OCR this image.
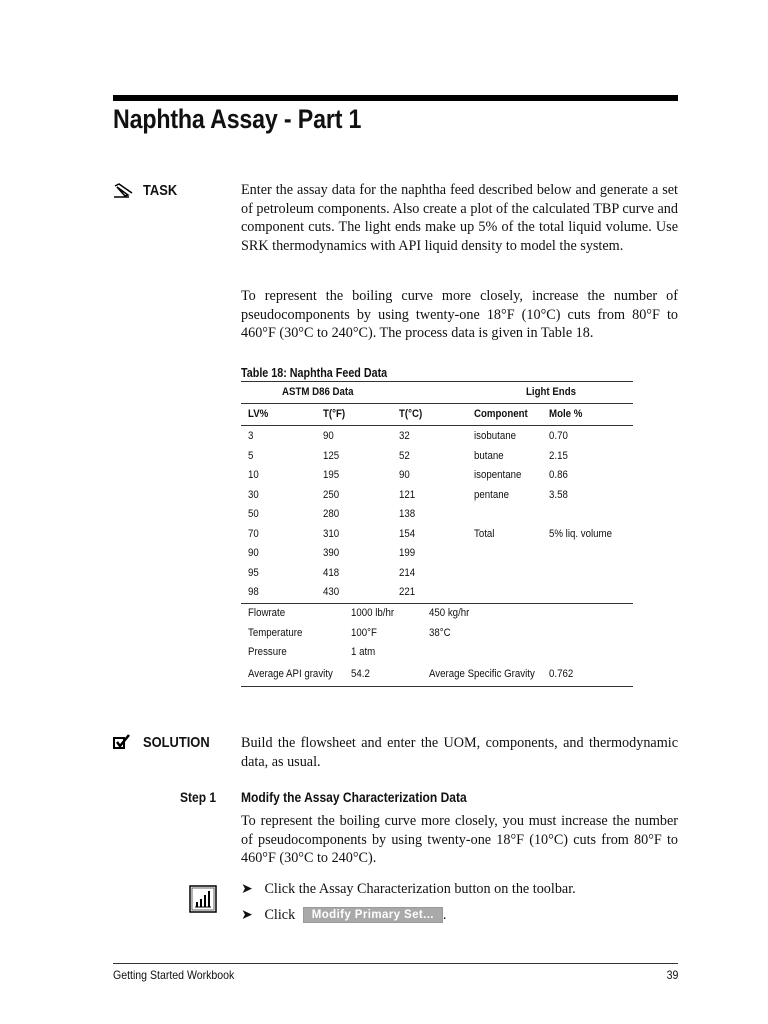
Naphtha Assay - Part 1
TASK	Enter the assay data for the naphtha feed described below and generate a set of petroleum components. Also create a plot of the calculated TBP curve and component cuts. The light ends make up 5% of the total liquid volume. Use SRK thermodynamics with API liquid density to model the system.

To represent the boiling curve more closely, increase the number of pseudocomponents by using twenty-one 18°F (10°C) cuts from 80°F to 460°F (30°C to 240°C). The process data is given in Table 18.

Table 18: Naphtha Feed Data
ASTM D86 Data	Light Ends
LV%	T(°F)	T(°C)	Component Mole %
3	90	32	isobutane	0.70
5	125	52	butane	2.15
10	195	90	isopentane	0.86
30	250	121	pentane	3.58
50	280	138
70	310	154	Total	5% liq. volume
90	390	199
95	418	214
98	430	221
Flowrate	1000 lb/hr	450 kg/hr
Temperature	100°F	38°C
Pressure	1 atm
Average API gravity 54.2	Average Specific Gravity 0.762
SOLUTION Build the flowsheet and enter the UOM, components, and thermodynamic data, as usual.

Step 1 Modify the Assay Characterization Data

To represent the boiling curve more closely, you must increase the number of pseudocomponents by using twenty-one 18°F (10°C) cuts from 80°F to 460°F (30°C to 240°C).

➤ Click the Assay Characterization button on the toolbar.
➤ Click Modify Primary Set... .
Getting Started Workbook	39
